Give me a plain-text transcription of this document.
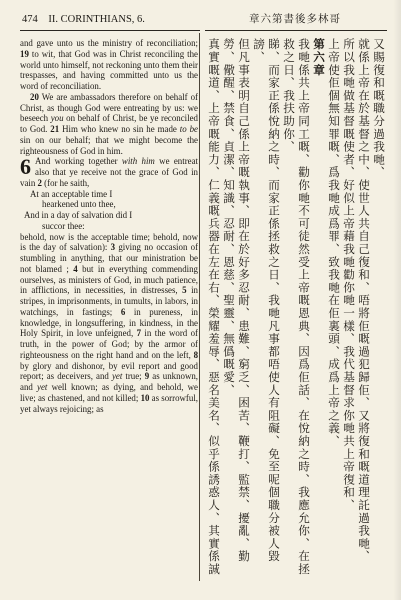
474 II. CORINTHIANS, 6.	章六第書後多林哥

and gave unto us the ministry of reconciliation; 19 to wit, that God was in Christ reconciling the world unto himself, not reckoning unto them their trespasses, and having committed unto us the word of reconciliation.

20 We are ambassadors therefore on behalf of Christ, as though God were entreating by us: we beseech you on behalf of Christ, be ye reconciled to God. 21 Him who knew no sin he made to be sin on our behalf; that we might become the righteousness of God in him.

6 And working together with him we entreat also that ye receive not the grace of God in vain 2 (for he saith,

At an acceptable time I
hearkened unto thee,
And in a day of salvation did I
succor thee:

behold, now is the acceptable time; behold, now is the day of salvation): 3 giving no occasion of stumbling in anything, that our ministration be not blamed ; 4 but in everything commending ourselves, as ministers of God, in much patience, in afflictions, in necessities, in distresses, 5 in stripes, in imprisonments, in tumults, in labors, in watchings, in fastings; 6 in pureness, in knowledge, in longsuffering, in kindness, in the Holy Spirit, in love unfeigned, 7 in the word of truth, in the power of God; by the armor of righteousness on the right hand and on the left, 8 by glory and dishonor, by evil report and good report; as deceivers, and yet true; 9 as unknown, and yet well known; as dying, and behold, we live; as chastened, and not killed; 10 as sorrowful, yet always rejoicing; as

又賜復和嘅職分過我哋、

就係上帝在於基督之中、使世人共自己復和、唔將佢嘅過犯歸佢、又將復和嘅道理託過我哋、

所以我哋做基督嘅使者、好似上帝藉我哋勸你哋一樣、我代基督求你哋共上帝復和、

上帝使佢個無知罪嘅、爲我哋成爲罪、致我哋在佢裏頭、成爲上帝之義、

第六章

我哋係共上帝同工嘅、勸你哋不可徒然受上帝嘅恩典、因爲佢話、在悅納之時、我應允你、在拯救之日、我扶助你、

睇、而家正係悅納之時、而家正係拯救之日、我哋凡事都唔使人有阻礙、免至呢個職分被人毀謗、

但凡事表明自己係上帝嘅執事、即在於好多忍耐、患難、窮乏、困苦、鞭打、監禁、擾亂、勤勞、儆醒、禁食、貞潔、知識、忍耐、恩慈、聖靈、無僞嘅愛、

真實嘅道、上帝嘅能力、仁義嘅兵器在左在右、榮耀羞辱、惡名美名、似乎係誘惑人、其實係誠
